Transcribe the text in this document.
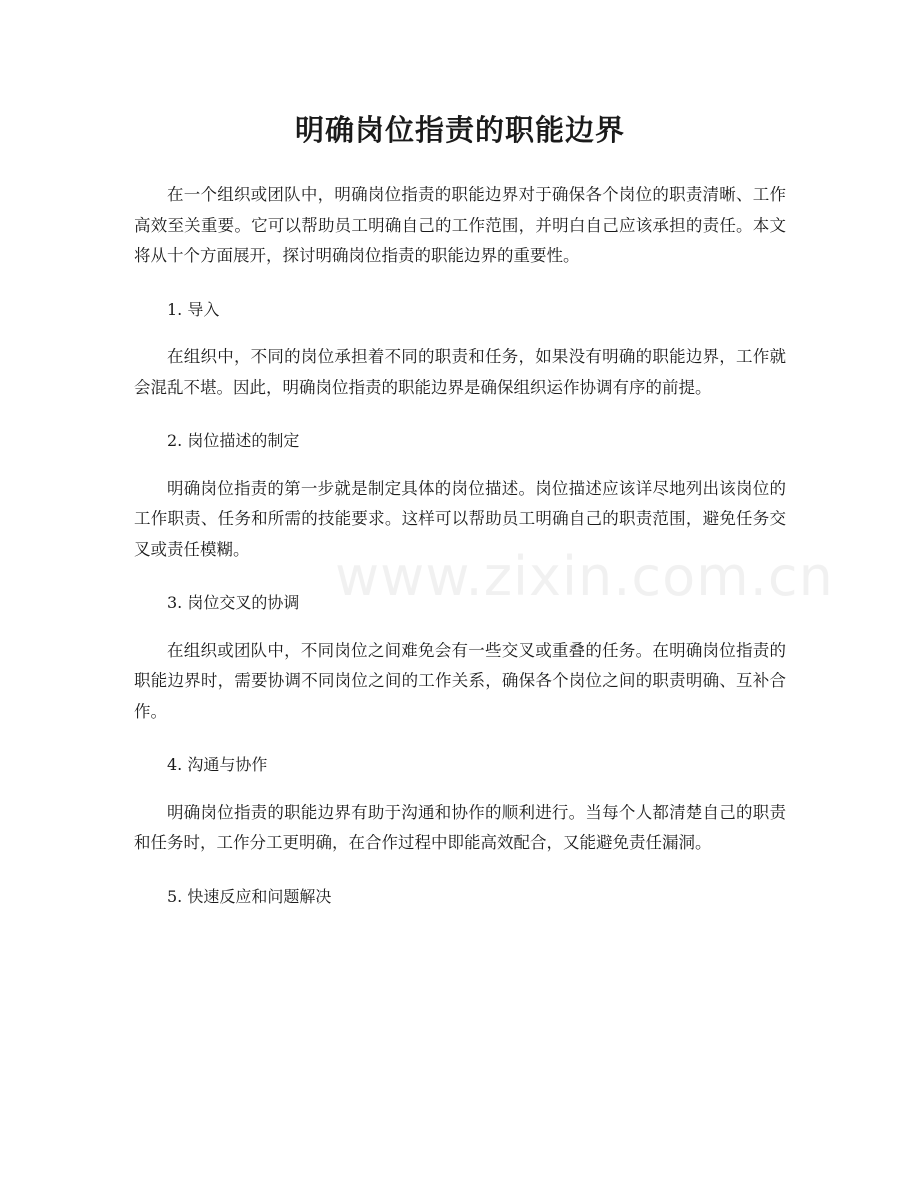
www.zixin.com.cn
明确岗位指责的职能边界

在一个组织或团队中，明确岗位指责的职能边界对于确保各个岗位的职责清晰、工作高效至关重要。它可以帮助员工明确自己的工作范围，并明白自己应该承担的责任。本文将从十个方面展开，探讨明确岗位指责的职能边界的重要性。

1. 导入

在组织中，不同的岗位承担着不同的职责和任务，如果没有明确的职能边界，工作就会混乱不堪。因此，明确岗位指责的职能边界是确保组织运作协调有序的前提。

2. 岗位描述的制定

明确岗位指责的第一步就是制定具体的岗位描述。岗位描述应该详尽地列出该岗位的工作职责、任务和所需的技能要求。这样可以帮助员工明确自己的职责范围，避免任务交叉或责任模糊。

3. 岗位交叉的协调

在组织或团队中，不同岗位之间难免会有一些交叉或重叠的任务。在明确岗位指责的职能边界时，需要协调不同岗位之间的工作关系，确保各个岗位之间的职责明确、互补合作。

4. 沟通与协作

明确岗位指责的职能边界有助于沟通和协作的顺利进行。当每个人都清楚自己的职责和任务时，工作分工更明确，在合作过程中即能高效配合，又能避免责任漏洞。

5. 快速反应和问题解决
